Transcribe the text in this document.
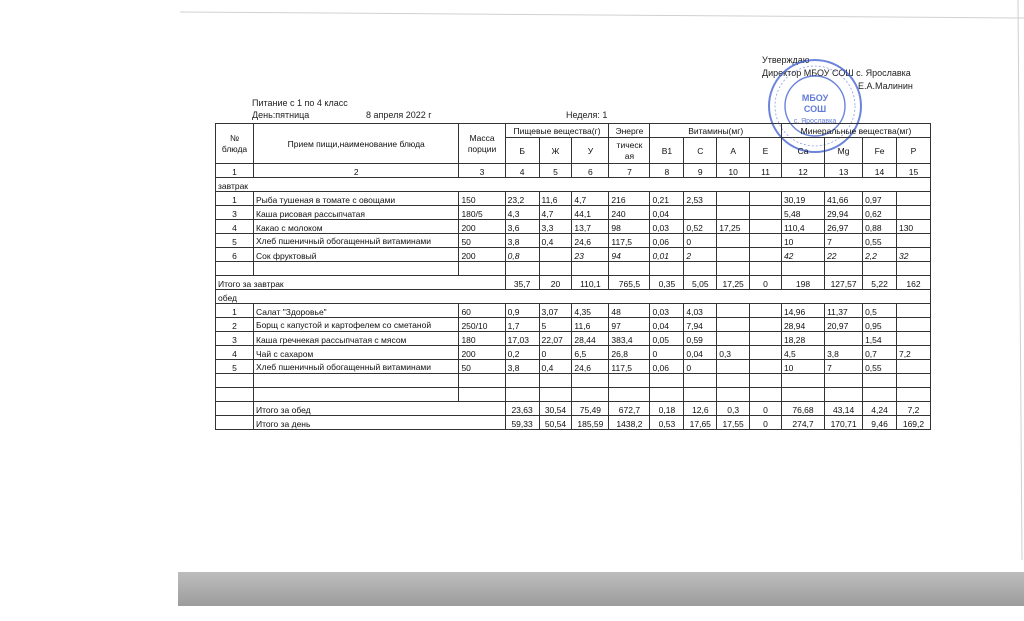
Утверждаю
Директор МБОУ СОШ с. Ярославка
Е.А.Малинин
МБОУ
СОШ
с. Ярославка
Питание с 1 по 4 класс
День:пятница	8 апреля 2022 г	Неделя: 1
№ блюда	Прием пищи,наименование блюда	Масса порции	Пищевые вещества(г)			Энерге	Витамины(мг)				Минеральные вещества(мг)			
			Б	Ж	У	тическ ая	В1	С	А	Е	Ca	Mg	Fe	P
1	2	3	4	5	6	7	8	9	10	11	12	13	14	15
завтрак														
1	Рыба тушеная в томате с овощами	150	23,2	11,6	4,7	216	0,21	2,53			30,19	41,66	0,97	
3	Каша рисовая рассыпчатая	180/5	4,3	4,7	44,1	240	0,04				5,48	29,94	0,62	
4	Какао с молоком	200	3,6	3,3	13,7	98	0,03	0,52	17,25		110,4	26,97	0,88	130
5	Хлеб пшеничный обогащенный витаминами	50	3,8	0,4	24,6	117,5	0,06	0			10	7	0,55	
6	Сок фруктовый	200	0,8		23	94	0,01	2			42	22	2,2	32

Итого за завтрак			35,7	20	110,1	765,5	0,35	5,05	17,25	0	198	127,57	5,22	162
обед														
1	Салат "Здоровье"	60	0,9	3,07	4,35	48	0,03	4,03			14,96	11,37	0,5	
2	Борщ с капустой и картофелем со сметаной	250/10	1,7	5	11,6	97	0,04	7,94			28,94	20,97	0,95	
3	Каша гречнекая рассыпчатая с мясом	180	17,03	22,07	28,44	383,4	0,05	0,59			18,28		1,54	
4	Чай с сахаром	200	0,2	0	6,5	26,8	0	0,04	0,3		4,5	3,8	0,7	7,2
5	Хлеб пшеничный обогащенный витаминами	50	3,8	0,4	24,6	117,5	0,06	0			10	7	0,55	

	Итого за обед		23,63	30,54	75,49	672,7	0,18	12,6	0,3	0	76,68	43,14	4,24	7,2
	Итого за день		59,33	50,54	185,59	1438,2	0,53	17,65	17,55	0	274,7	170,71	9,46	169,2
